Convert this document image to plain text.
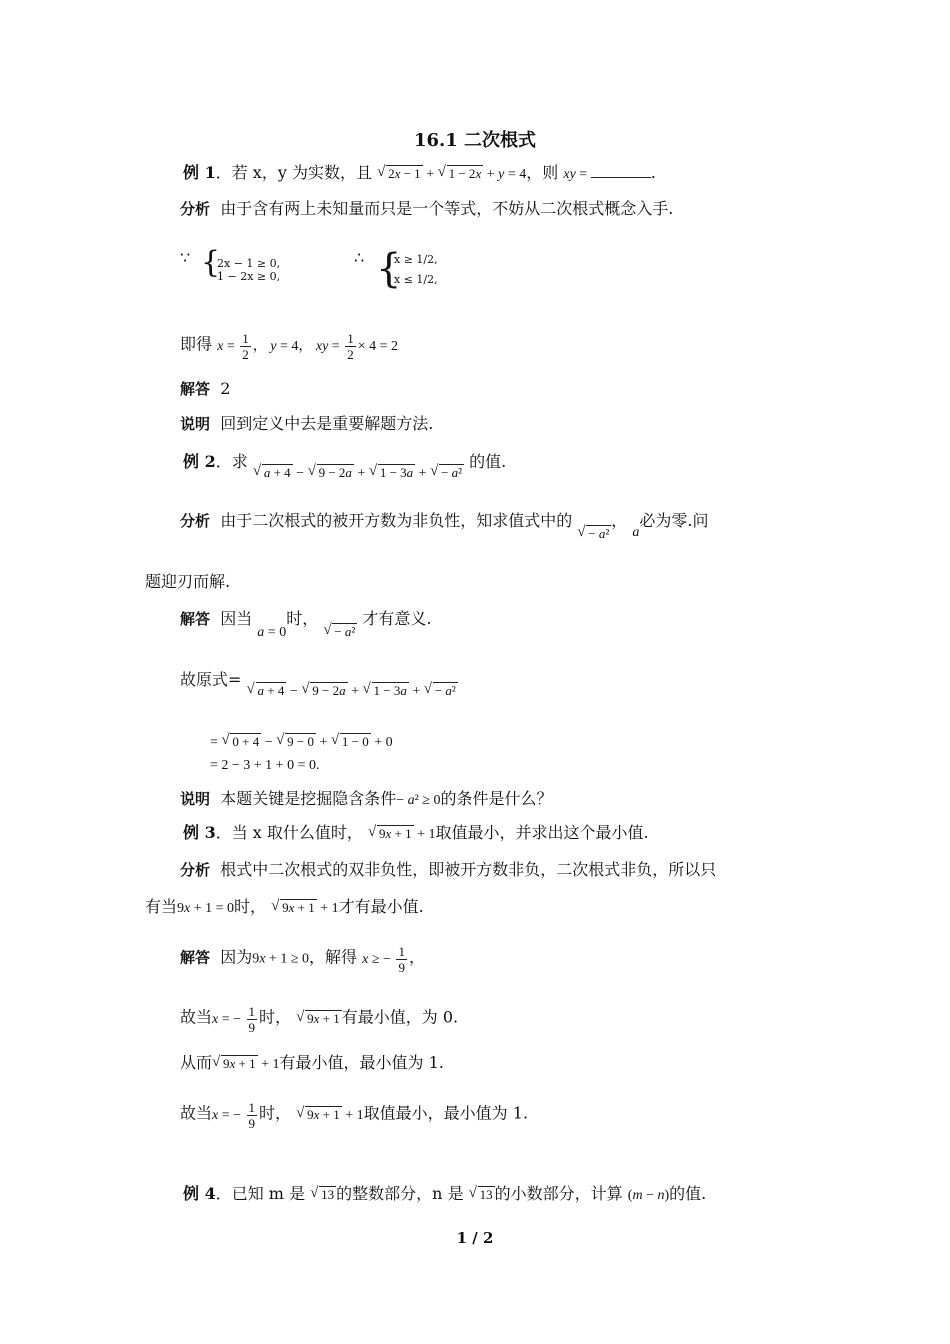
16.1 二次根式
例 1．若 x，y 为实数，且 √ 2x − 1 + √ 1 − 2x + y = 4，则 xy =	.
分析 由于含有两上未知量而只是一个等式，不妨从二次根式概念入手.
∵ {
2x − 1 ≥ 0,
1 − 2x ≥ 0,
∴ {
x ≥ 1/2,
x ≤ 1/2,
即得 $x = \frac{1}{2}$ ， y = 4， xy = $\frac{1}{2} \times 4 = 2$
解答 2
说明 回到定义中去是重要解题方法.
例 2．求 √ a + 4 − √ 9 − 2a + √ 1 − 3a + √ − a² 的值.
分析 由于二次根式的被开方数为非负性，知求值式中的 √ − a²， a必为零.问
题迎刃而解.
解答 因当 a = 0时， √ − a² 才有意义.
故原式= √ a + 4 − √ 9 − 2a + √ 1 − 3a + √ − a²
= √ 0 + 4 − √ 9 − 0 + √ 1 − 0 + 0
= 2 − 3 + 1 + 0 = 0.
说明 本题关键是挖掘隐含条件− a² ≥ 0的条件是什么？
例 3．当 x 取什么值时， √ 9x + 1 + 1取值最小，并求出这个最小值.
分析 根式中二次根式的双非负性，即被开方数非负，二次根式非负，所以只
有当9x + 1 = 0时， √ 9x + 1 + 1才有最小值.
解答 因为9x + 1 ≥ 0，解得 x ≥ − $\frac{1}{9}$ ，
故当x = − $\frac{1}{9}$ 时， √ 9x + 1 有最小值，为 0.
从而 √ 9x + 1 + 1有最小值，最小值为 1.
故当x = − $\frac{1}{9}$ 时， √ 9x + 1 + 1取值最小，最小值为 1.
例 4．已知 m 是 √ 13 的整数部分，n 是 √ 13 的小数部分，计算 (m − n)的值.
1 / 2
